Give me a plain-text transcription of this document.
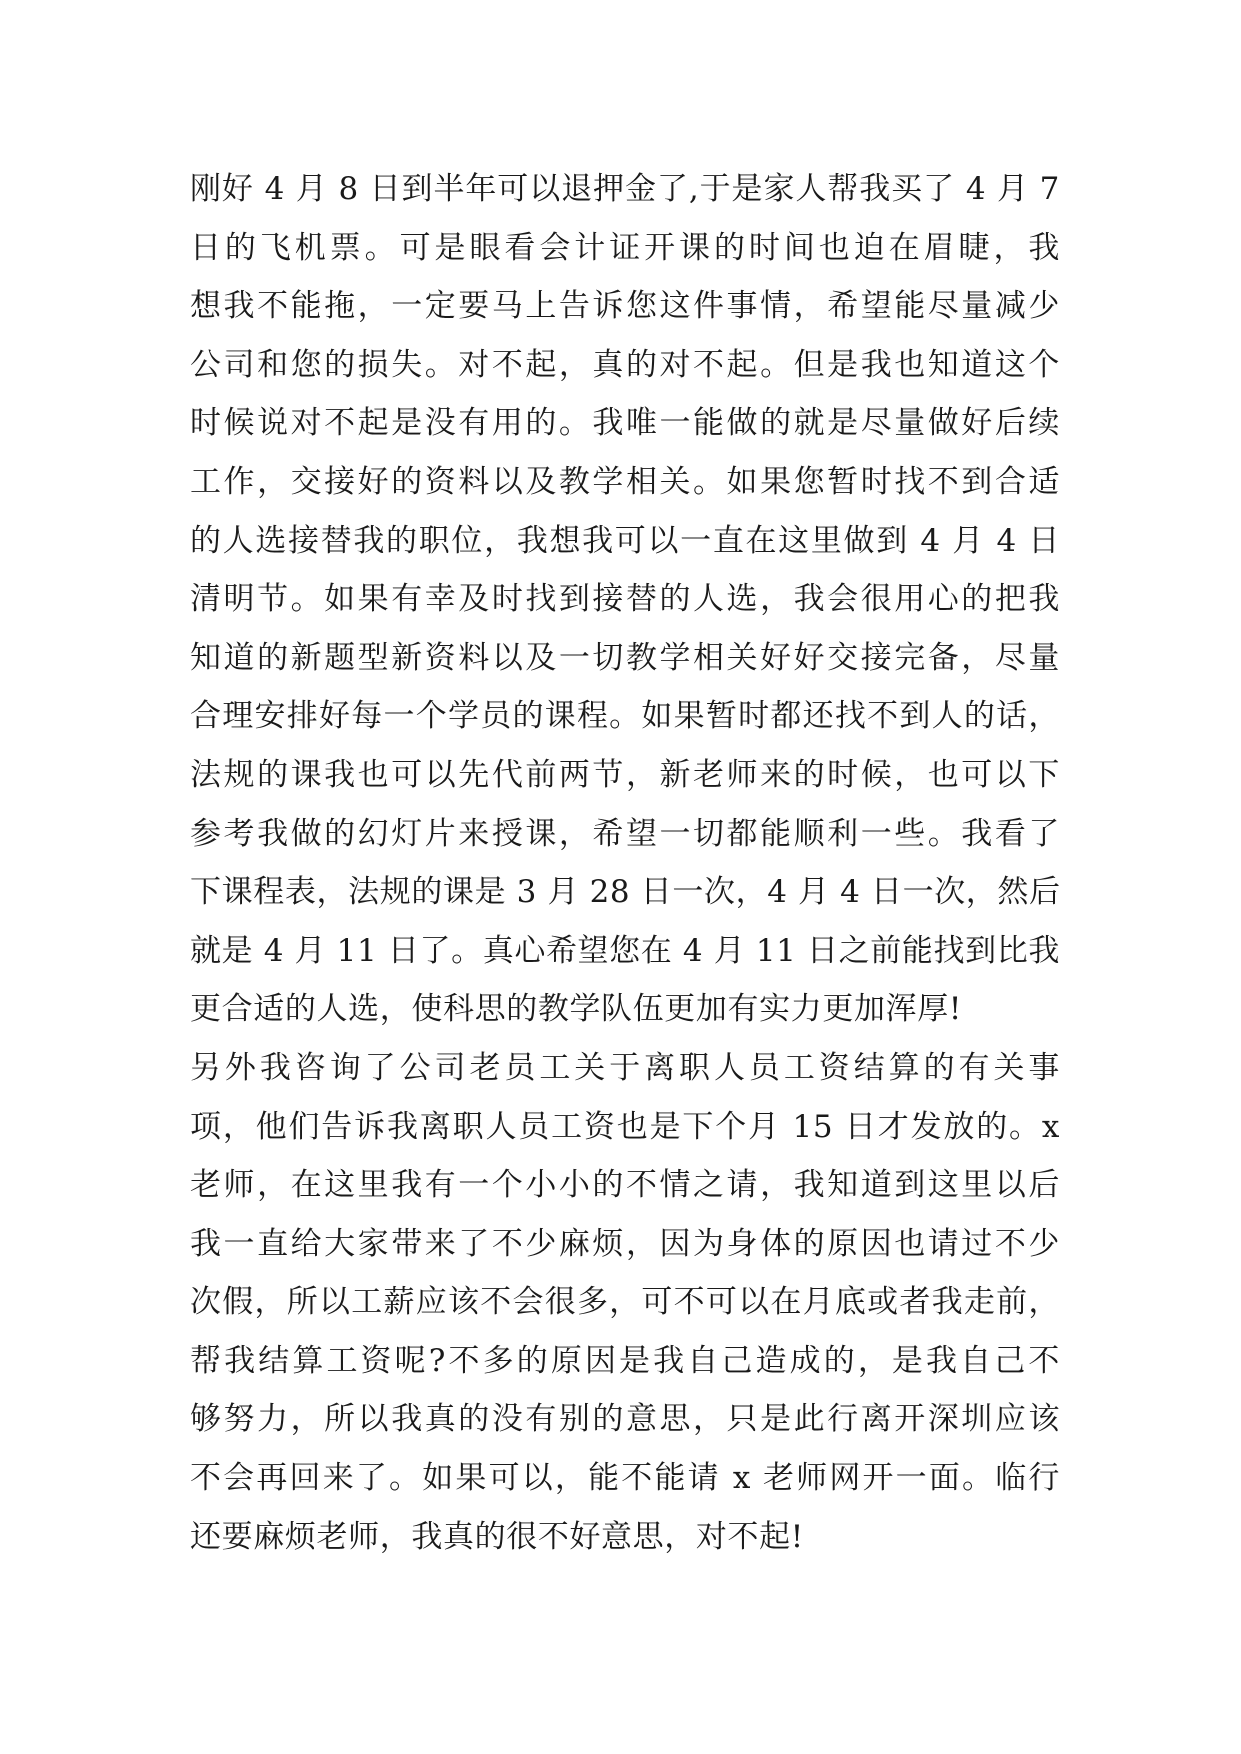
刚好 4 月 8 日到半年可以退押金了,于是家人帮我买了 4 月 7
日的飞机票。可是眼看会计证开课的时间也迫在眉睫，我
想我不能拖，一定要马上告诉您这件事情，希望能尽量减少
公司和您的损失。对不起，真的对不起。但是我也知道这个
时候说对不起是没有用的。我唯一能做的就是尽量做好后续
工作，交接好的资料以及教学相关。如果您暂时找不到合适
的人选接替我的职位，我想我可以一直在这里做到 4 月 4 日
清明节。如果有幸及时找到接替的人选，我会很用心的把我
知道的新题型新资料以及一切教学相关好好交接完备，尽量
合理安排好每一个学员的课程。如果暂时都还找不到人的话，
法规的课我也可以先代前两节，新老师来的时候，也可以下
参考我做的幻灯片来授课，希望一切都能顺利一些。我看了
下课程表，法规的课是 3 月 28 日一次，4 月 4 日一次，然后
就是 4 月 11 日了。真心希望您在 4 月 11 日之前能找到比我
更合适的人选，使科思的教学队伍更加有实力更加浑厚!
另外我咨询了公司老员工关于离职人员工资结算的有关事
项，他们告诉我离职人员工资也是下个月 15 日才发放的。x
老师，在这里我有一个小小的不情之请，我知道到这里以后
我一直给大家带来了不少麻烦，因为身体的原因也请过不少
次假，所以工薪应该不会很多，可不可以在月底或者我走前，
帮我结算工资呢?不多的原因是我自己造成的，是我自己不
够努力，所以我真的没有别的意思，只是此行离开深圳应该
不会再回来了。如果可以，能不能请 x 老师网开一面。临行
还要麻烦老师，我真的很不好意思，对不起!
